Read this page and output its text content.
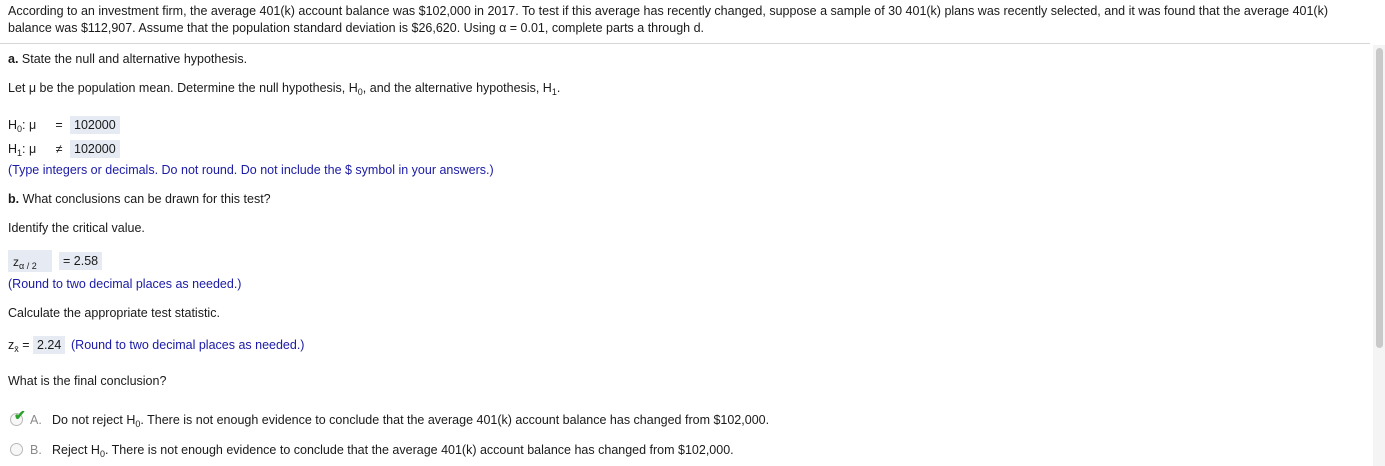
According to an investment firm, the average 401(k) account balance was $102,000 in 2017. To test if this average has recently changed, suppose a sample of 30 401(k) plans was recently selected, and it was found that the average 401(k)
balance was $112,907. Assume that the population standard deviation is $26,620. Using α = 0.01, complete parts a through d.
a. State the null and alternative hypothesis.
Let μ be the population mean. Determine the null hypothesis, $H_0$, and the alternative hypothesis, $H_1$.
$H_0$: μ = 102000
$H_1$: μ ≠ 102000
(Type integers or decimals. Do not round. Do not include the $ symbol in your answers.)
b. What conclusions can be drawn for this test?
Identify the critical value.
$z_{\alpha / 2}$	= 2.58
(Round to two decimal places as needed.)
Calculate the appropriate test statistic.
$z_{x̄} = 2.24$ (Round to two decimal places as needed.)
What is the final conclusion?
✔ A. Do not reject $H_0$. There is not enough evidence to conclude that the average 401(k) account balance has changed from $102,000.
B. Reject $H_0$. There is not enough evidence to conclude that the average 401(k) account balance has changed from $102,000.
